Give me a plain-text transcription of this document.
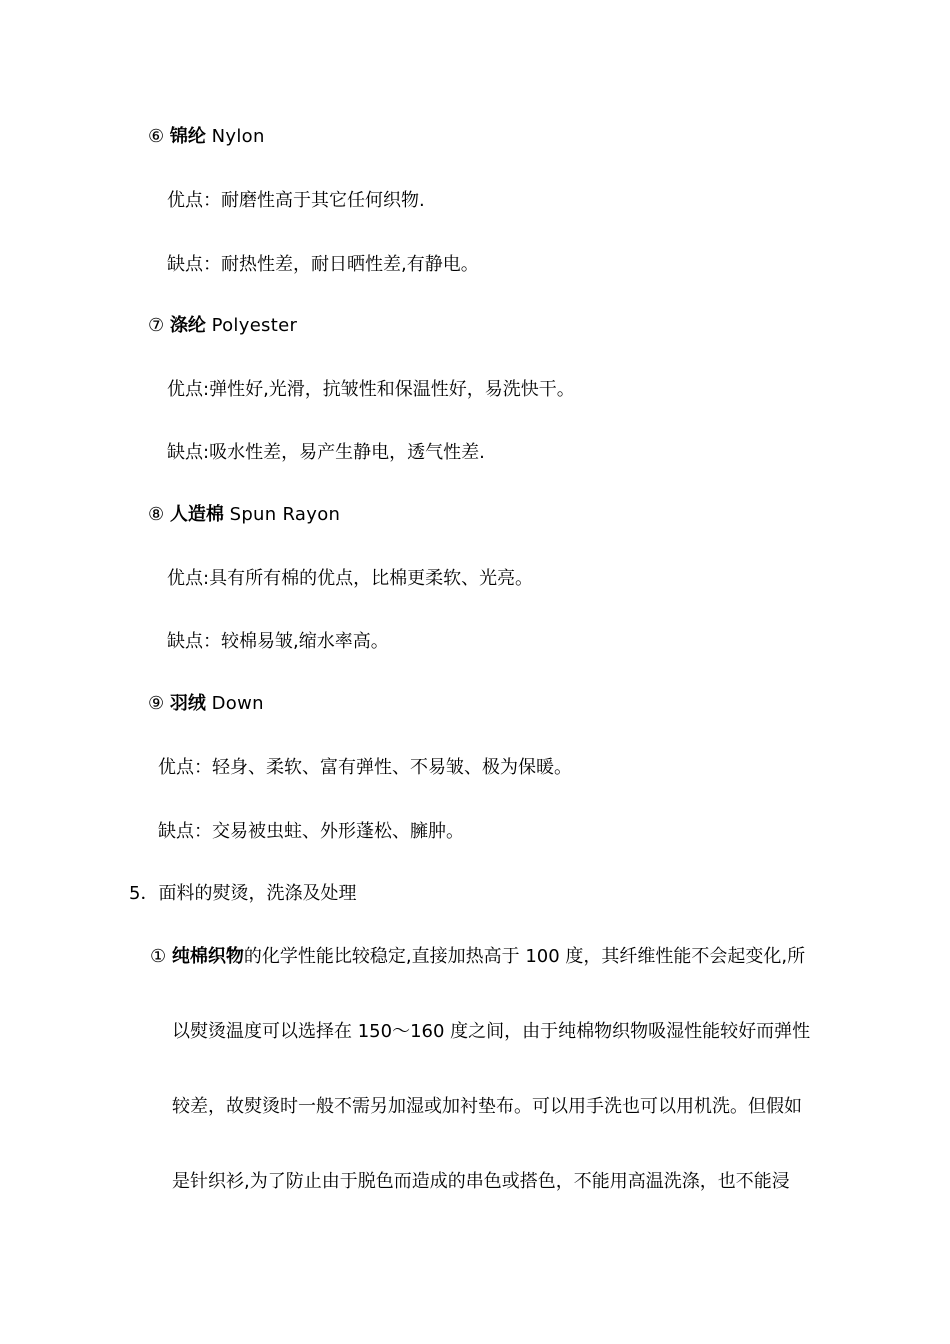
⑥ 锦纶 Nylon
优点：耐磨性高于其它任何织物.
缺点：耐热性差，耐日晒性差,有静电。
⑦ 涤纶 Polyester
优点:弹性好,光滑，抗皱性和保温性好，易洗快干。
缺点:吸水性差，易产生静电，透气性差.
⑧ 人造棉 Spun Rayon
优点:具有所有棉的优点，比棉更柔软、光亮。
缺点：较棉易皱,缩水率高。
⑨ 羽绒 Down
优点：轻身、柔软、富有弹性、不易皱、极为保暖。
缺点：交易被虫蛀、外形蓬松、臃肿。
5．面料的熨烫，洗涤及处理
① 纯棉织物的化学性能比较稳定,直接加热高于 100 度，其纤维性能不会起变化,所
以熨烫温度可以选择在 150～160 度之间，由于纯棉物织物吸湿性能较好而弹性
较差，故熨烫时一般不需另加湿或加衬垫布。可以用手洗也可以用机洗。但假如
是针织衫,为了防止由于脱色而造成的串色或搭色，不能用高温洗涤，也不能浸
